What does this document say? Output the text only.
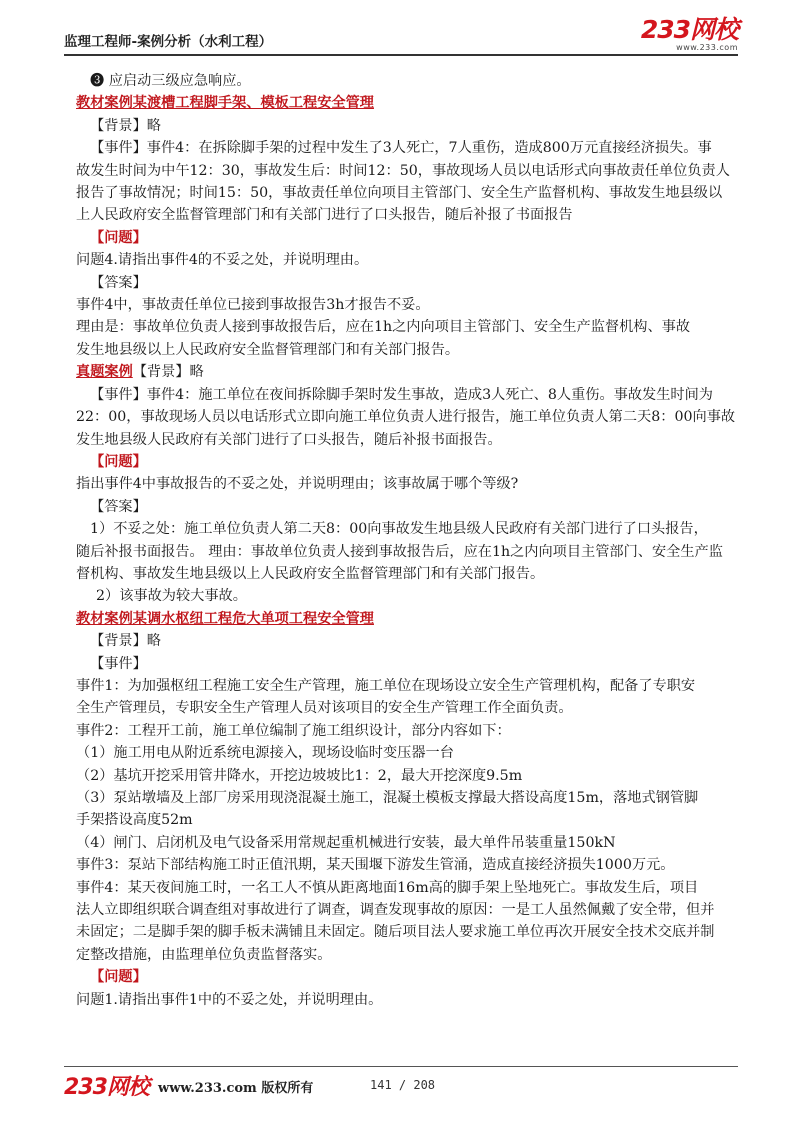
监理工程师-案例分析（水利工程）	233网校
www.233.com
❸ 应启动三级应急响应。
教材案例某渡槽工程脚手架、模板工程安全管理
【背景】略
【事件】事件4：在拆除脚手架的过程中发生了3人死亡，7人重伤，造成800万元直接经济损失。事
故发生时间为中午12：30，事故发生后：时间12：50，事故现场人员以电话形式向事故责任单位负责人
报告了事故情况；时间15：50，事故责任单位向项目主管部门、安全生产监督机构、事故发生地县级以
上人民政府安全监督管理部门和有关部门进行了口头报告，随后补报了书面报告
【问题】
问题4.请指出事件4的不妥之处，并说明理由。
【答案】
事件4中，事故责任单位已接到事故报告3h才报告不妥。
理由是：事故单位负责人接到事故报告后，应在1h之内向项目主管部门、安全生产监督机构、事故
发生地县级以上人民政府安全监督管理部门和有关部门报告。
真题案例【背景】略
【事件】事件4：施工单位在夜间拆除脚手架时发生事故，造成3人死亡、8人重伤。事故发生时间为
22：00，事故现场人员以电话形式立即向施工单位负责人进行报告，施工单位负责人第二天8：00向事故
发生地县级人民政府有关部门进行了口头报告，随后补报书面报告。
【问题】
指出事件4中事故报告的不妥之处，并说明理由；该事故属于哪个等级?
【答案】
1）不妥之处：施工单位负责人第二天8：00向事故发生地县级人民政府有关部门进行了口头报告，
随后补报书面报告。 理由：事故单位负责人接到事故报告后，应在1h之内向项目主管部门、安全生产监
督机构、事故发生地县级以上人民政府安全监督管理部门和有关部门报告。
2）该事故为较大事故。
教材案例某调水枢纽工程危大单项工程安全管理
【背景】略
【事件】
事件1：为加强枢纽工程施工安全生产管理，施工单位在现场设立安全生产管理机构，配备了专职安
全生产管理员，专职安全生产管理人员对该项目的安全生产管理工作全面负责。
事件2：工程开工前，施工单位编制了施工组织设计，部分内容如下：
（1）施工用电从附近系统电源接入，现场设临时变压器一台
（2）基坑开挖采用管井降水，开挖边坡坡比1：2，最大开挖深度9.5m
（3）泵站墩墙及上部厂房采用现浇混凝土施工，混凝土模板支撑最大搭设高度15m，落地式钢管脚
手架搭设高度52m
（4）闸门、启闭机及电气设备采用常规起重机械进行安装，最大单件吊装重量150kN
事件3：泵站下部结构施工时正值汛期，某天围堰下游发生管涌，造成直接经济损失1000万元。
事件4：某天夜间施工时，一名工人不慎从距离地面16m高的脚手架上坠地死亡。事故发生后，项目
法人立即组织联合调查组对事故进行了调查，调查发现事故的原因：一是工人虽然佩戴了安全带，但并
未固定；二是脚手架的脚手板未满铺且未固定。随后项目法人要求施工单位再次开展安全技术交底并制
定整改措施，由监理单位负责监督落实。
【问题】
问题1.请指出事件1中的不妥之处，并说明理由。
233网校 www.233.com 版权所有	141 / 208
